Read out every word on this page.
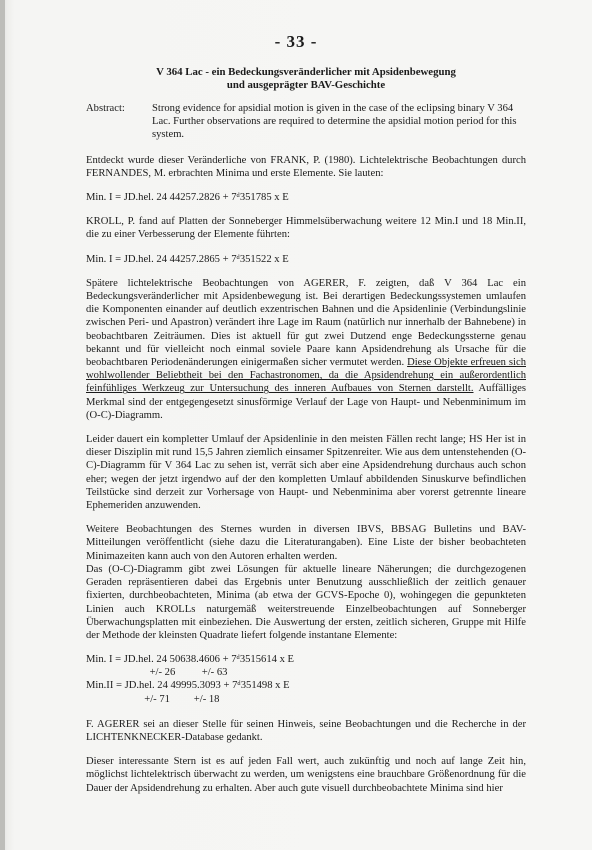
- 33 -
V 364 Lac - ein Bedeckungsveränderlicher mit Apsidenbewegung
und ausgeprägter BAV-Geschichte
Abstract:	Strong evidence for apsidial motion is given in the case of the eclipsing binary V 364 Lac. Further observations are required to determine the apsidial motion period for this system.

Entdeckt wurde dieser Veränderliche von FRANK, P. (1980). Lichtelektrische Beobachtungen durch FERNANDES, M. erbrachten Minima und erste Elemente. Sie lauten:

Min. I = JD.hel. 24 44257.2826 + 7ᵈ351785 x E

KROLL, P. fand auf Platten der Sonneberger Himmelsüberwachung weitere 12 Min.I und 18 Min.II, die zu einer Verbesserung der Elemente führten:

Min. I = JD.hel. 24 44257.2865 + 7ᵈ351522 x E

Spätere lichtelektrische Beobachtungen von AGERER, F. zeigten, daß V 364 Lac ein Bedeckungsveränderlicher mit Apsidenbewegung ist. Bei derartigen Bedeckungssystemen umlaufen die Komponenten einander auf deutlich exzentrischen Bahnen und die Apsidenlinie (Verbindungslinie zwischen Peri- und Apastron) verändert ihre Lage im Raum (natürlich nur innerhalb der Bahnebene) in beobachtbaren Zeiträumen. Dies ist aktuell für gut zwei Dutzend enge Bedeckungssterne genau bekannt und für vielleicht noch einmal soviele Paare kann Apsidendrehung als Ursache für die beobachtbaren Periodenänderungen einigermaßen sicher vermutet werden. Diese Objekte erfreuen sich wohlwollender Beliebtheit bei den Fachastronomen, da die Apsidendrehung ein außerordentlich feinfühliges Werkzeug zur Untersuchung des inneren Aufbaues von Sternen darstellt. Auffälliges Merkmal sind der entgegengesetzt sinusförmige Verlauf der Lage von Haupt- und Nebenminimum im (O-C)-Diagramm.

Leider dauert ein kompletter Umlauf der Apsidenlinie in den meisten Fällen recht lange; HS Her ist in dieser Disziplin mit rund 15,5 Jahren ziemlich einsamer Spitzenreiter. Wie aus dem untenstehenden (O-C)-Diagramm für V 364 Lac zu sehen ist, verrät sich aber eine Apsidendrehung durchaus auch schon eher; wegen der jetzt irgendwo auf der den kompletten Umlauf abbildenden Sinuskurve befindlichen Teilstücke sind derzeit zur Vorhersage von Haupt- und Nebenminima aber vorerst getrennte lineare Ephemeriden anzuwenden.

Weitere Beobachtungen des Sternes wurden in diversen IBVS, BBSAG Bulletins und BAV-Mitteilungen veröffentlicht (siehe dazu die Literaturangaben). Eine Liste der bisher beobachteten Minimazeiten kann auch von den Autoren erhalten werden.

Das (O-C)-Diagramm gibt zwei Lösungen für aktuelle lineare Näherungen; die durchgezogenen Geraden repräsentieren dabei das Ergebnis unter Benutzung ausschließlich der zeitlich genauer fixierten, durchbeobachteten, Minima (ab etwa der GCVS-Epoche 0), wohingegen die gepunkteten Linien auch KROLLs naturgemäß weiterstreuende Einzelbeobachtungen auf Sonneberger Überwachungsplatten mit einbeziehen. Die Auswertung der ersten, zeitlich sicheren, Gruppe mit Hilfe der Methode der kleinsten Quadrate liefert folgende instantane Elemente:

Min. I = JD.hel. 24 50638.4606 + 7ᵈ3515614 x E
+/- 26          +/- 63
Min.II = JD.hel. 24 49995.3093 + 7ᵈ351498 x E
+/- 71         +/- 18

F. AGERER sei an dieser Stelle für seinen Hinweis, seine Beobachtungen und die Recherche in der LICHTENKNECKER-Database gedankt.

Dieser interessante Stern ist es auf jeden Fall wert, auch zukünftig und noch auf lange Zeit hin, möglichst lichtelektrisch überwacht zu werden, um wenigstens eine brauchbare Größenordnung für die Dauer der Apsidendrehung zu erhalten. Aber auch gute visuell durchbeobachtete Minima sind hier
